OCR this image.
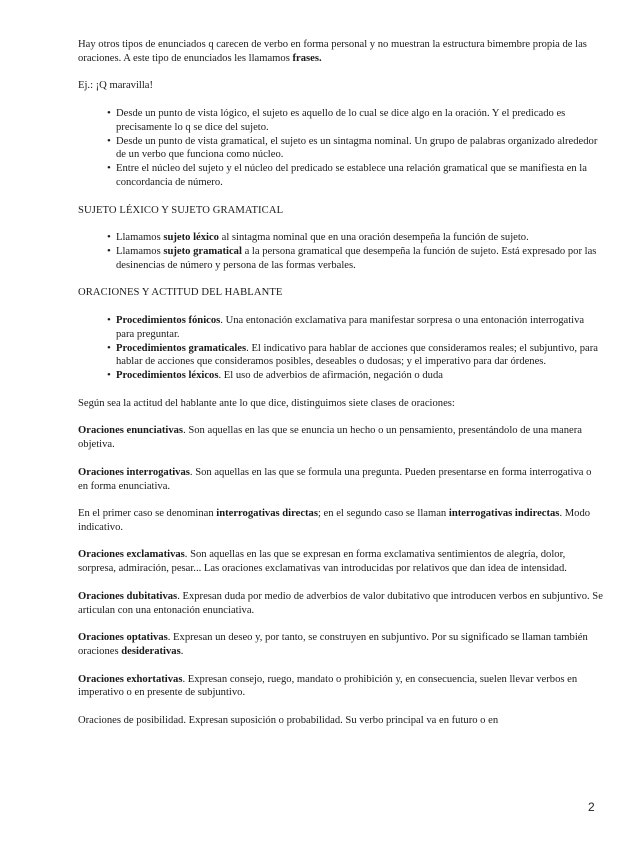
Hay otros tipos de enunciados q carecen de verbo en forma personal y no muestran la estructura bimembre propia de las oraciones. A este tipo de enunciados les llamamos frases.

Ej.: ¡Q maravilla!

• Desde un punto de vista lógico, el sujeto es aquello de lo cual se dice algo en la oración. Y el predicado es precisamente lo q se dice del sujeto.
• Desde un punto de vista gramatical, el sujeto es un sintagma nominal. Un grupo de palabras organizado alrededor de un verbo que funciona como núcleo.
• Entre el núcleo del sujeto y el núcleo del predicado se establece una relación gramatical que se manifiesta en la concordancia de número.

SUJETO LÉXICO Y SUJETO GRAMATICAL

• Llamamos sujeto léxico al sintagma nominal que en una oración desempeña la función de sujeto.
• Llamamos sujeto gramatical a la persona gramatical que desempeña la función de sujeto. Está expresado por las desinencias de número y persona de las formas verbales.

ORACIONES Y ACTITUD DEL HABLANTE

• Procedimientos fónicos. Una entonación exclamativa para manifestar sorpresa o una entonación interrogativa para preguntar.
• Procedimientos gramaticales. El indicativo para hablar de acciones que consideramos reales; el subjuntivo, para hablar de acciones que consideramos posibles, deseables o dudosas; y el imperativo para dar órdenes.
• Procedimientos léxicos. El uso de adverbios de afirmación, negación o duda

Según sea la actitud del hablante ante lo que dice, distinguimos siete clases de oraciones:

Oraciones enunciativas. Son aquellas en las que se enuncia un hecho o un pensamiento, presentándolo de una manera objetiva.

Oraciones interrogativas. Son aquellas en las que se formula una pregunta. Pueden presentarse en forma interrogativa o en forma enunciativa.

En el primer caso se denominan interrogativas directas; en el segundo caso se llaman interrogativas indirectas. Modo indicativo.

Oraciones exclamativas. Son aquellas en las que se expresan en forma exclamativa sentimientos de alegría, dolor, sorpresa, admiración, pesar... Las oraciones exclamativas van introducidas por relativos que dan idea de intensidad.

Oraciones dubitativas. Expresan duda por medio de adverbios de valor dubitativo que introducen verbos en subjuntivo. Se articulan con una entonación enunciativa.

Oraciones optativas. Expresan un deseo y, por tanto, se construyen en subjuntivo. Por su significado se llaman también oraciones desiderativas.

Oraciones exhortativas. Expresan consejo, ruego, mandato o prohibición y, en consecuencia, suelen llevar verbos en imperativo o en presente de subjuntivo.

Oraciones de posibilidad. Expresan suposición o probabilidad. Su verbo principal va en futuro o en

2
